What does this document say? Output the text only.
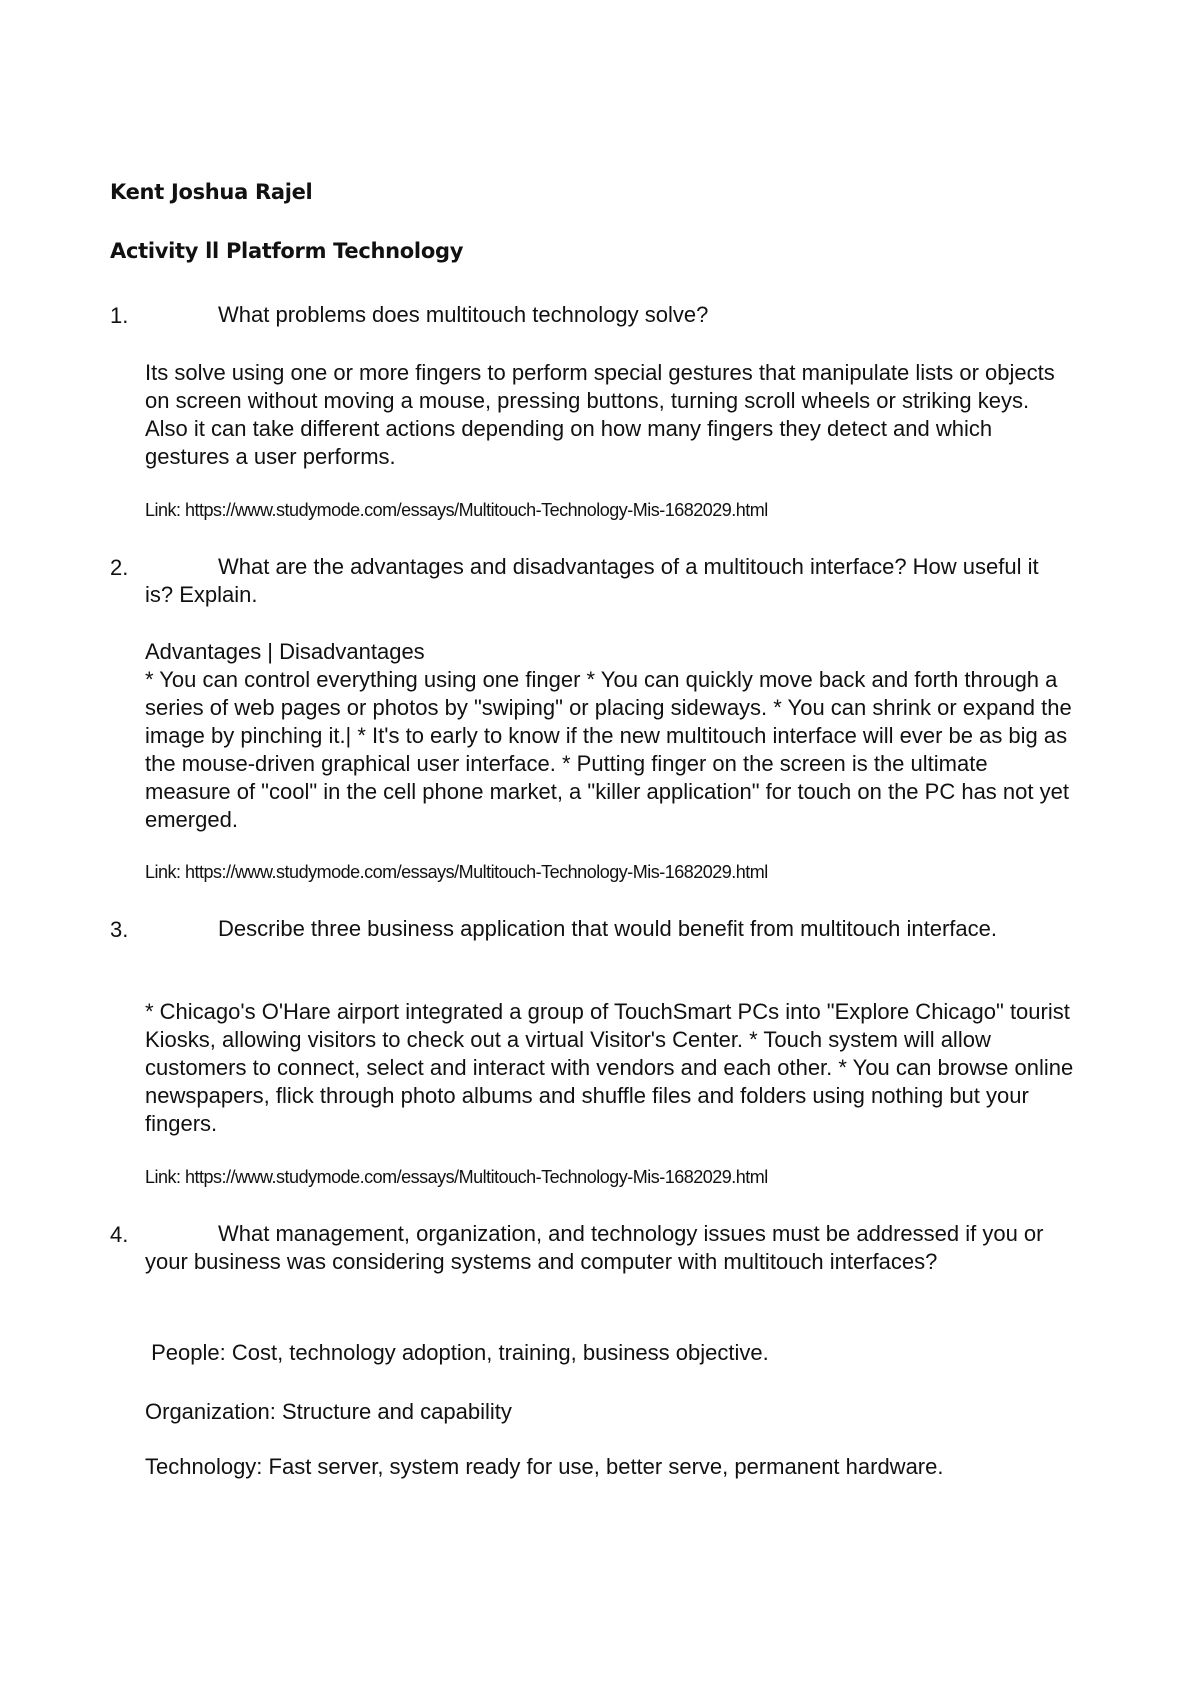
Kent Joshua Rajel
Activity ll Platform Technology
1.	What problems does multitouch technology solve?
Its solve using one or more fingers to perform special gestures that manipulate lists or objects on screen without moving a mouse, pressing buttons, turning scroll wheels or striking keys. Also it can take different actions depending on how many fingers they detect and which gestures a user performs.
Link: https://www.studymode.com/essays/Multitouch-Technology-Mis-1682029.html
2.	What are the advantages and disadvantages of a multitouch interface? How useful it is? Explain.
Advantages | Disadvantages
* You can control everything using one finger * You can quickly move back and forth through a series of web pages or photos by "swiping" or placing sideways. * You can shrink or expand the image by pinching it.| * It's to early to know if the new multitouch interface will ever be as big as the mouse-driven graphical user interface. * Putting finger on the screen is the ultimate measure of "cool" in the cell phone market, a "killer application" for touch on the PC has not yet emerged.
Link: https://www.studymode.com/essays/Multitouch-Technology-Mis-1682029.html
3.	Describe three business application that would benefit from multitouch interface.
* Chicago's O'Hare airport integrated a group of TouchSmart PCs into "Explore Chicago" tourist Kiosks, allowing visitors to check out a virtual Visitor's Center. * Touch system will allow customers to connect, select and interact with vendors and each other. * You can browse online newspapers, flick through photo albums and shuffle files and folders using nothing but your fingers.
Link: https://www.studymode.com/essays/Multitouch-Technology-Mis-1682029.html
4.	What management, organization, and technology issues must be addressed if you or your business was considering systems and computer with multitouch interfaces?
People: Cost, technology adoption, training, business objective.
Organization: Structure and capability
Technology: Fast server, system ready for use, better serve, permanent hardware.
